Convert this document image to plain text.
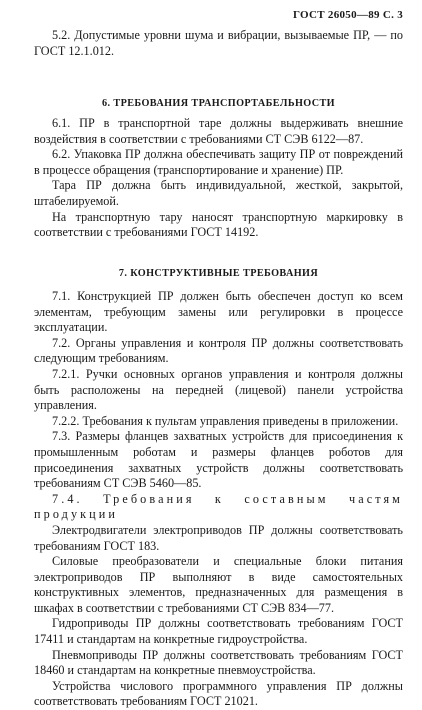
ГОСТ 26050—89 С. 3

5.2. Допустимые уровни шума и вибрации, вызываемые ПР, — по ГОСТ 12.1.012.

6. ТРЕБОВАНИЯ ТРАНСПОРТАБЕЛЬНОСТИ

6.1. ПР в транспортной таре должны выдерживать внешние воздействия в соответствии с требованиями СТ СЭВ 6122—87.

6.2. Упаковка ПР должна обеспечивать защиту ПР от повреждений в процессе обращения (транспортирование и хранение) ПР.

Тара ПР должна быть индивидуальной, жесткой, закрытой, штабелируемой.

На транспортную тару наносят транспортную маркировку в соответствии с требованиями ГОСТ 14192.

7. КОНСТРУКТИВНЫЕ ТРЕБОВАНИЯ

7.1. Конструкцией ПР должен быть обеспечен доступ ко всем элементам, требующим замены или регулировки в процессе эксплуатации.

7.2. Органы управления и контроля ПР должны соответствовать следующим требованиям.

7.2.1. Ручки основных органов управления и контроля должны быть расположены на передней (лицевой) панели устройства управления.

7.2.2. Требования к пультам управления приведены в приложении.

7.3. Размеры фланцев захватных устройств для присоединения к промышленным роботам и размеры фланцев роботов для присоединения захватных устройств должны соответствовать требованиям СТ СЭВ 5460—85.

7.4. Требования к составным частям продукции

Электродвигатели электроприводов ПР должны соответствовать требованиям ГОСТ 183.

Силовые преобразователи и специальные блоки питания электроприводов ПР выполняют в виде самостоятельных конструктивных элементов, предназначенных для размещения в шкафах в соответствии с требованиями СТ СЭВ 834—77.

Гидроприводы ПР должны соответствовать требованиям ГОСТ 17411 и стандартам на конкретные гидроустройства.

Пневмоприводы ПР должны соответствовать требованиям ГОСТ 18460 и стандартам на конкретные пневмоустройства.

Устройства числового программного управления ПР должны соответствовать требованиям ГОСТ 21021.
